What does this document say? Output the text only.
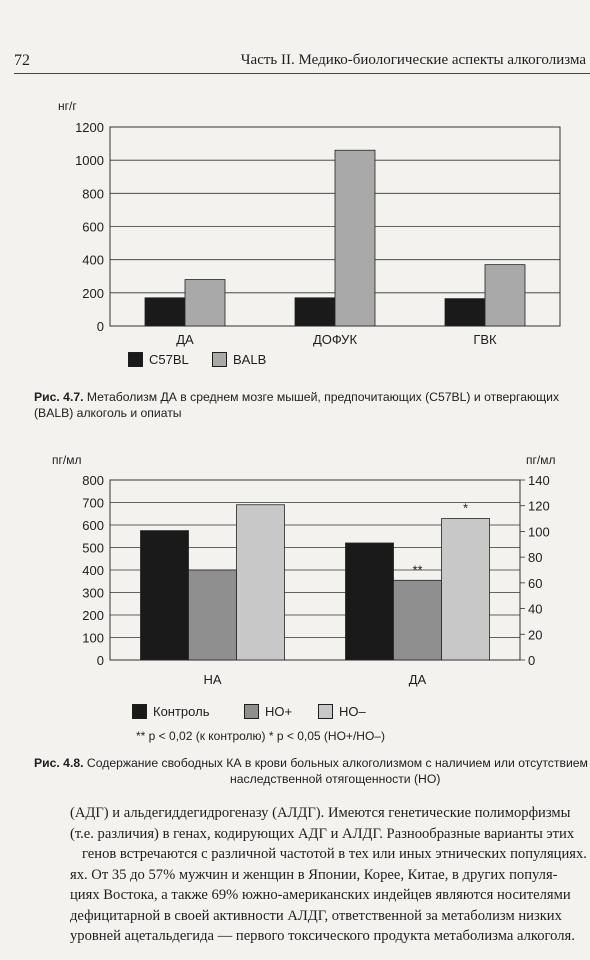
72	Часть II. Медико-биологические аспекты алкоголизма
нг/г
0
200
400
600
800
1000
1200
ДА	ДОФУК	ГВК
C57BL	BALB
Рис. 4.7. Метаболизм ДА в среднем мозге мышей, предпочитающих (C57BL) и отвергающих
(BALB) алкоголь и опиаты
пг/мл	пг/мл
0
100
200
300
400
500
600
700
800
0
20
40
60
80
100
120
140
НА
**
*
ДА
Контроль	НО+	НО–
** p < 0,02 (к контролю) * p < 0,05 (НО+/НО–)
Рис. 4.8. Содержание свободных КА в крови больных алкоголизмом с наличием или отсутствием
наследственной отягощенности (НО)
(АДГ) и альдегиддегидрогеназу (АЛДГ). Имеются генетические полиморфизмы
(т.е. различия) в генах, кодирующих АДГ и АЛДГ. Разнообразные варианты этих
генов встречаются с различной частотой в тех или иных этнических популяциях.
ях. От 35 до 57% мужчин и женщин в Японии, Корее, Китае, в других популя-
циях Востока, а также 69% южно-американских индейцев являются носителями
дефицитарной в своей активности АЛДГ, ответственной за метаболизм низких
уровней ацетальдегида — первого токсического продукта метаболизма алкоголя.
